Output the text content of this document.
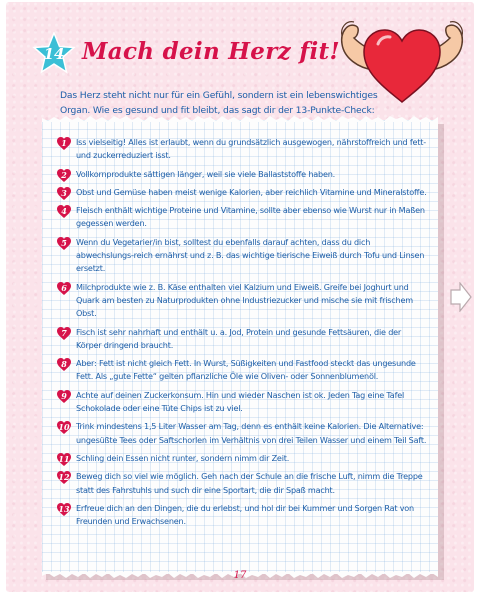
14 Mach dein Herz fit!
Das Herz steht nicht nur für ein Gefühl, sondern ist ein lebenswichtiges Organ. Wie es gesund und fit bleibt, das sagt dir der 13-Punkte-Check:
1	Iss vielseitig! Alles ist erlaubt, wenn du grundsätzlich ausgewogen, nährstoffreich und fett- und zuckerreduziert isst.
2	Vollkornprodukte sättigen länger, weil sie viele Ballaststoffe haben.
3	Obst und Gemüse haben meist wenige Kalorien, aber reichlich Vitamine und Mineralstoffe.
4	Fleisch enthält wichtige Proteine und Vitamine, sollte aber ebenso wie Wurst nur in Maßen gegessen werden.
5	Wenn du Vegetarier/in bist, solltest du ebenfalls darauf achten, dass du dich abwechslungs-reich ernährst und z. B. das wichtige tierische Eiweiß durch Tofu und Linsen ersetzt.
6	Milchprodukte wie z. B. Käse enthalten viel Kalzium und Eiweiß. Greife bei Joghurt und Quark am besten zu Naturprodukten ohne Industriezucker und mische sie mit frischem Obst.
7	Fisch ist sehr nahrhaft und enthält u. a. Jod, Protein und gesunde Fettsäuren, die der Körper dringend braucht.
8	Aber: Fett ist nicht gleich Fett. In Wurst, Süßigkeiten und Fastfood steckt das ungesunde Fett. Als „gute Fette“ gelten pflanzliche Öle wie Oliven- oder Sonnenblumenöl.
9	Achte auf deinen Zuckerkonsum. Hin und wieder Naschen ist ok. Jeden Tag eine Tafel Schokolade oder eine Tüte Chips ist zu viel.
10 Trink mindestens 1,5 Liter Wasser am Tag, denn es enthält keine Kalorien. Die Alternative: ungesüßte Tees oder Saftschorlen im Verhältnis von drei Teilen Wasser und einem Teil Saft.
11 Schling dein Essen nicht runter, sondern nimm dir Zeit.
12 Beweg dich so viel wie möglich. Geh nach der Schule an die frische Luft, nimm die Treppe statt des Fahrstuhls und such dir eine Sportart, die dir Spaß macht.
13 Erfreue dich an den Dingen, die du erlebst, und hol dir bei Kummer und Sorgen Rat von Freunden und Erwachsenen.
17
